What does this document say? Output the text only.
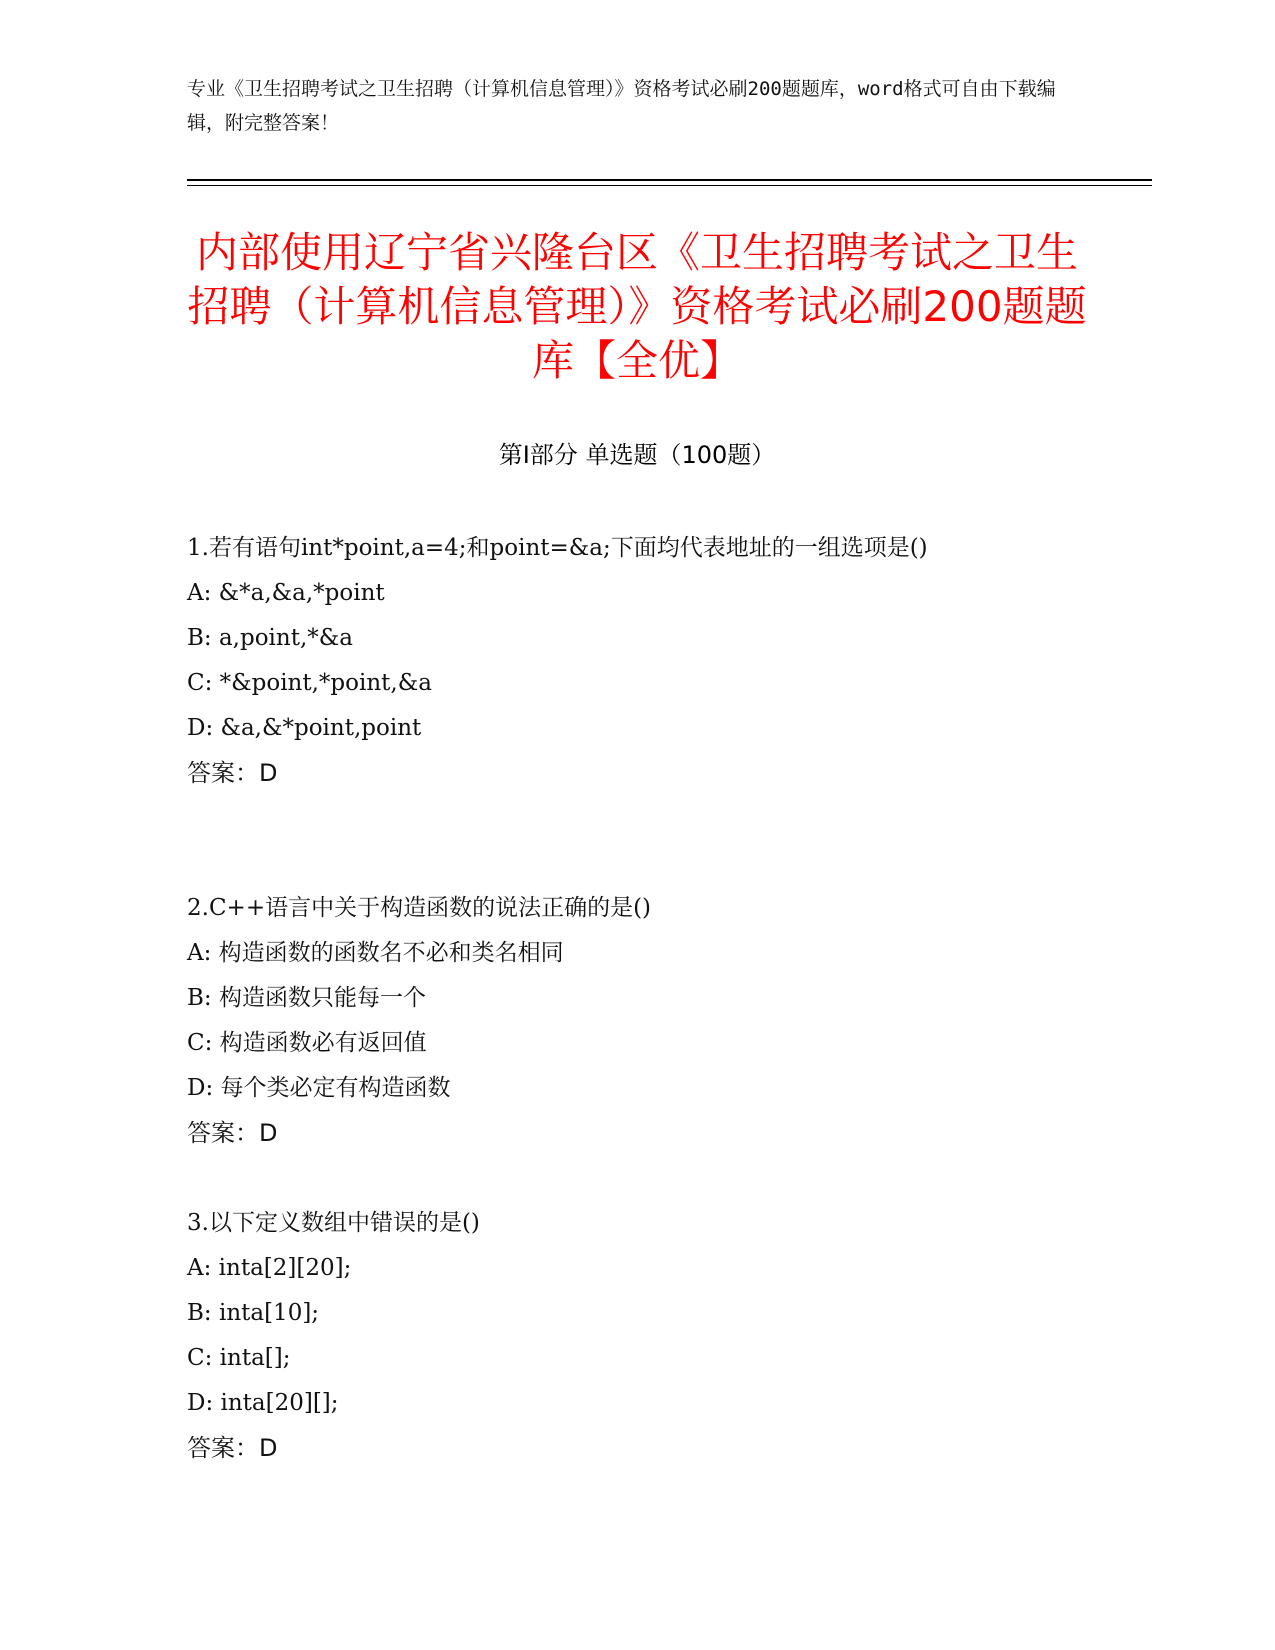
专业《卫生招聘考试之卫生招聘（计算机信息管理）》资格考试必刷200题题库，word格式可自由下载编辑，附完整答案！
内部使用辽宁省兴隆台区《卫生招聘考试之卫生招聘（计算机信息管理）》资格考试必刷200题题库【全优】
第Ⅰ部分 单选题（100题）
1.若有语句int*point,a=4;和point=&a;下面均代表地址的一组选项是()
A: &*a,&a,*point
B: a,point,*&a
C: *&point,*point,&a
D: &a,&*point,point
答案：D
2.C++语言中关于构造函数的说法正确的是()
A: 构造函数的函数名不必和类名相同
B: 构造函数只能每一个
C: 构造函数必有返回值
D: 每个类必定有构造函数
答案：D
3.以下定义数组中错误的是()
A: inta[2][20];
B: inta[10];
C: inta[];
D: inta[20][];
答案：D
